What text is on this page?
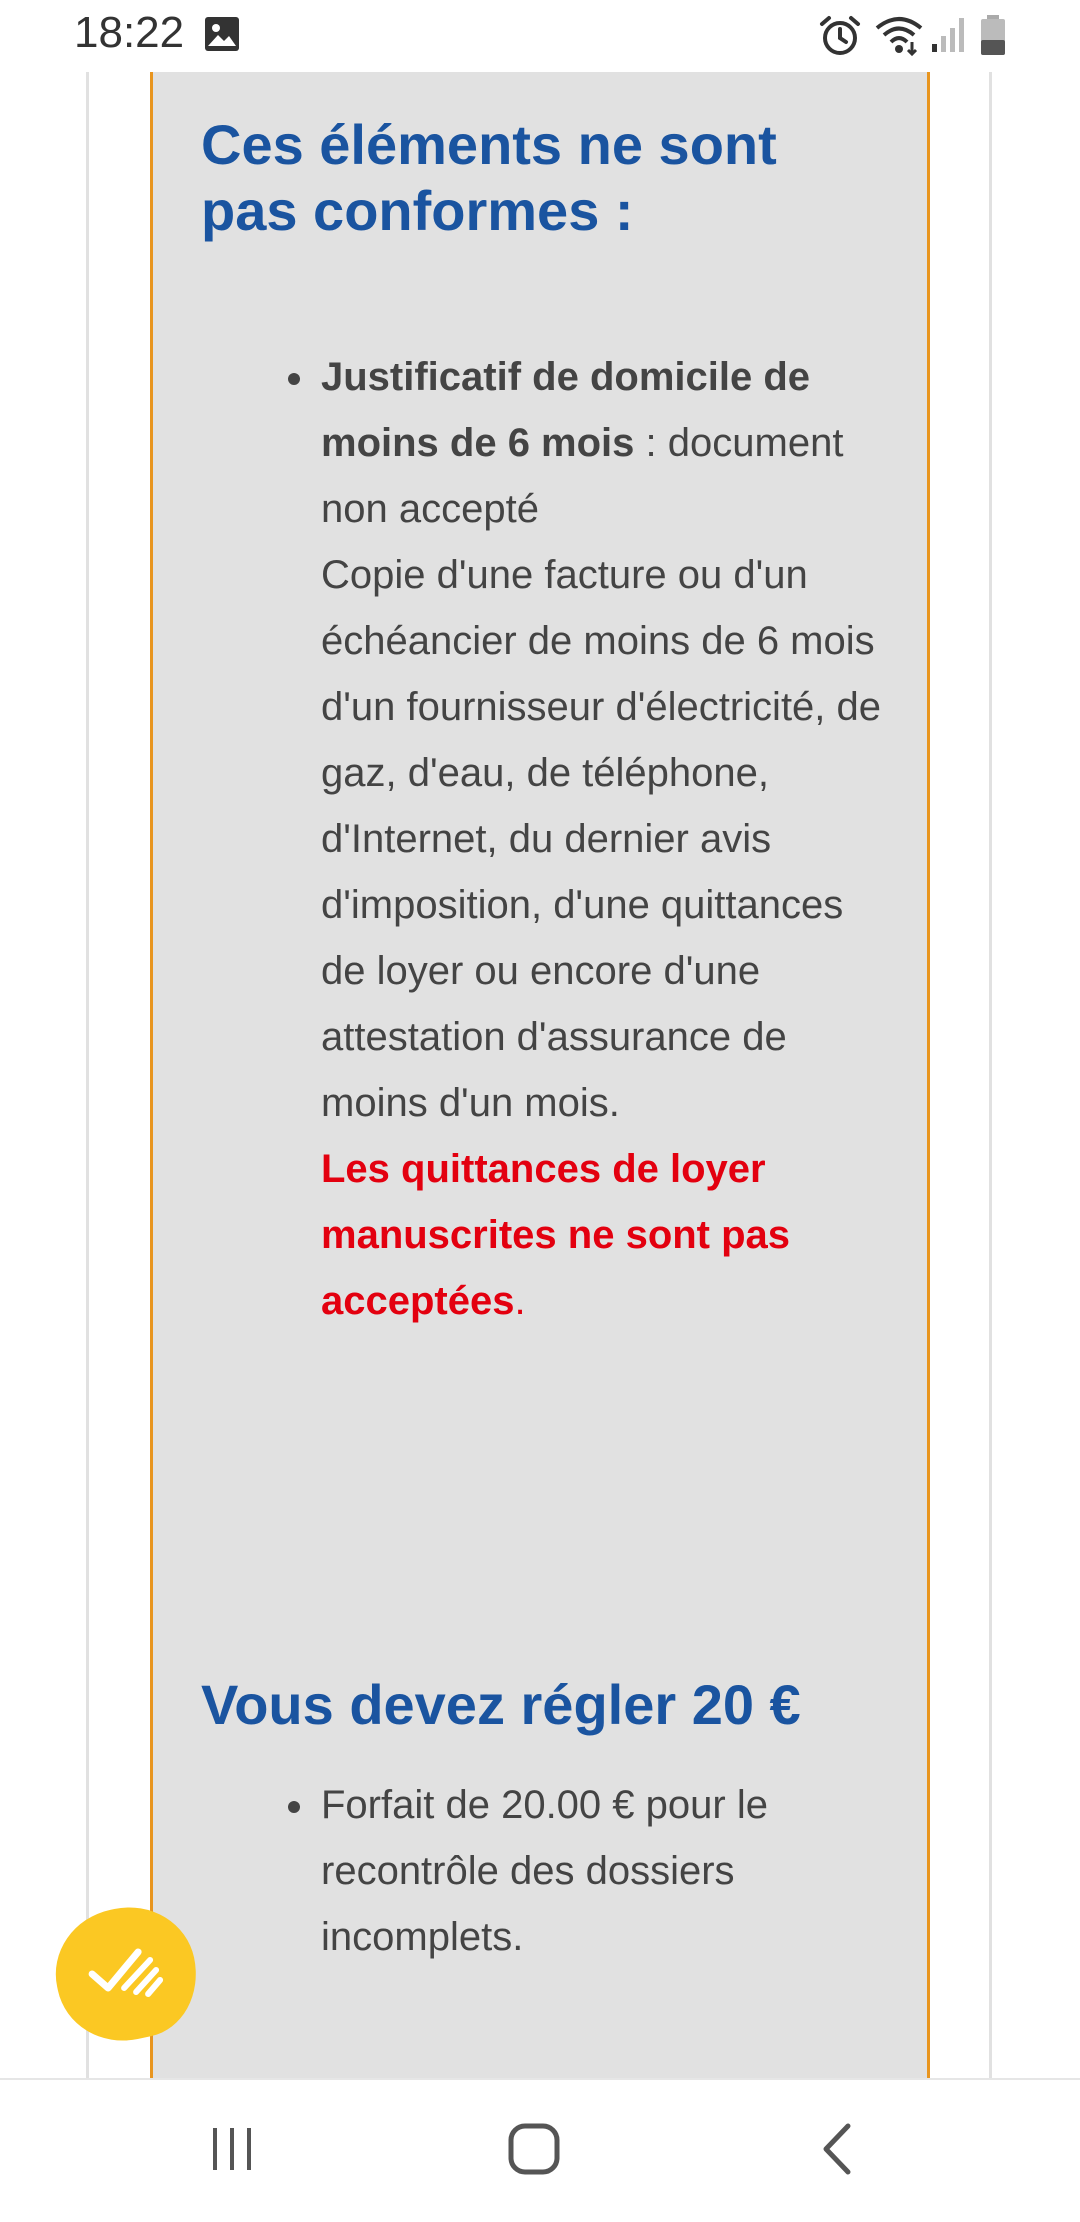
18:22
Ces éléments ne sont pas conformes :
Justificatif de domicile de moins de 6 mois : document non accepté
Copie d'une facture ou d'un échéancier de moins de 6 mois d'un fournisseur d'électricité, de gaz, d'eau, de téléphone, d'Internet, du dernier avis d'imposition, d'une quittances de loyer ou encore d'une attestation d'assurance de moins d'un mois.
Les quittances de loyer manuscrites ne sont pas acceptées.
Vous devez régler 20 €
Forfait de 20.00 € pour le recontrôle des dossiers incomplets.
